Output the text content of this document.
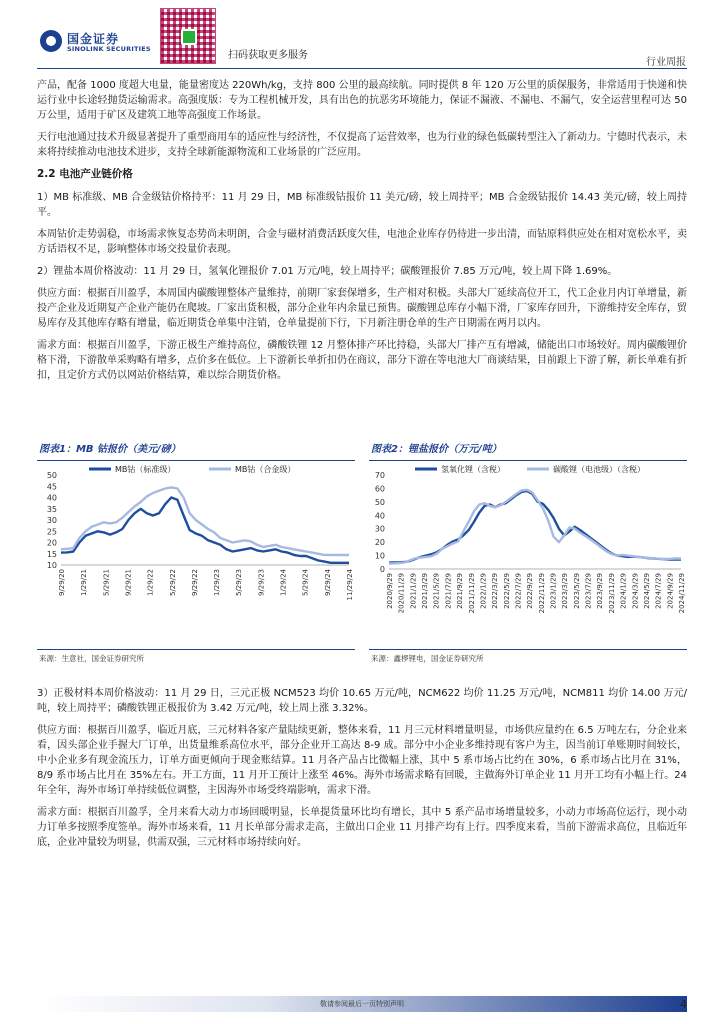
国金证券
SINOLINK SECURITIES
扫码获取更多服务
行业周报

产品，配备 1000 度超大电量，能量密度达 220Wh/kg，支持 800 公里的最高续航。同时提供 8 年 120 万公里的质保服务，非常适用于快递和快运行业中长途轻抛货运输需求。高强度版：专为工程机械开发，具有出色的抗恶劣环境能力，保证不漏液、不漏电、不漏气，安全运营里程可达 50 万公里，适用于矿区及建筑工地等高强度工作场景。

天行电池通过技术升级显著提升了重型商用车的适应性与经济性，不仅提高了运营效率，也为行业的绿色低碳转型注入了新动力。宁德时代表示，未来将持续推动电池技术进步，支持全球新能源物流和工业场景的广泛应用。

2.2 电池产业链价格

1）MB 标准级、MB 合金级钴价格持平：11 月 29 日，MB 标准级钴报价 11 美元/磅，较上周持平；MB 合金级钴报价 14.43 美元/磅，较上周持平。

本周钴价走势弱稳，市场需求恢复态势尚未明朗，合金与磁材消费活跃度欠佳，电池企业库存仍待进一步出清，而钴原料供应处在相对宽松水平，卖方话语权不足，影响整体市场交投量价表现。

2）锂盐本周价格波动：11 月 29 日，氢氧化锂报价 7.01 万元/吨，较上周持平；碳酸锂报价 7.85 万元/吨，较上周下降 1.69%。

供应方面：根据百川盈孚，本周国内碳酸锂整体产量维持，前期厂家套保增多，生产相对积极。头部大厂延续高位开工，代工企业月内订单增量，新投产企业及近期复产企业产能仍在爬坡。厂家出货积极，部分企业年内余量已预售。碳酸锂总库存小幅下滑，厂家库存回升，下游维持安全库存，贸易库存及其他库存略有增量，临近期货仓单集中注销，仓单量提前下行，下月新注册仓单的生产日期需在两月以内。

需求方面：根据百川盈孚，下游正极生产维持高位，磷酸铁锂 12 月整体排产环比持稳，头部大厂排产互有增减，储能出口市场较好。周内碳酸锂价格下滑，下游散单采购略有增多，点价多在低位。上下游新长单折扣仍在商议，部分下游在等电池大厂商谈结果，目前跟上下游了解，新长单难有折扣，且定价方式仍以网站价格结算，难以综合期货价格。

图表1：MB 钴报价（美元/磅）
50
45
40
35
30
25
20
15
10
9/29/20 1/29/21 5/29/21 9/29/21 1/29/22 5/29/22 9/29/22 1/29/23 5/29/23 9/29/23 1/29/24 5/29/24 9/29/24 11/29/24
MB钴（标准级）	MB钴（合金级）
来源：生意社，国金证券研究所
图表2：锂盐报价（万元/吨）
70
60
50
40
30
20
10
0
2020/9/29 2020/11/29 2021/1/29 2021/3/29 2021/5/29 2021/7/29 2021/9/29 2021/11/29 2022/1/29 2022/3/29 2022/5/29 2022/7/29 2022/9/29 2022/11/29 2023/1/29 2023/3/29 2023/5/29 2023/7/29 2023/9/29 2023/11/29 2024/1/29 2024/3/29 2024/5/29 2024/7/29 2024/9/29 2024/11/29
氢氧化锂（含税）	碳酸锂（电池级）（含税）
来源：鑫椤锂电，国金证券研究所

3）正极材料本周价格波动：11 月 29 日，三元正极 NCM523 均价 10.65 万元/吨，NCM622 均价 11.25 万元/吨，NCM811 均价 14.00 万元/吨，较上周持平；磷酸铁锂正极报价为 3.42 万元/吨，较上周上涨 3.32%。

供应方面：根据百川盈孚，临近月底，三元材料各家产量陆续更新，整体来看，11 月三元材料增量明显，市场供应量约在 6.5 万吨左右，分企业来看，因头部企业手握大厂订单，出货量维系高位水平，部分企业开工高达 8-9 成。部分中小企业多维持现有客户为主，因当前订单账期时间较长，中小企业多有现金流压力，订单方面更倾向于现金账结算。11 月各产品占比微幅上涨，其中 5 系市场占比约在 30%，6 系市场占比月在 31%，8/9 系市场占比月在 35%左右。开工方面，11 月开工预计上涨至 46%。海外市场需求略有回暖，主做海外订单企业 11 月开工均有小幅上行。24 年全年，海外市场订单持续低位调整，主因海外市场受终端影响，需求下滑。

需求方面：根据百川盈孚，全月来看大动力市场回暖明显，长单提货量环比均有增长，其中 5 系产品市场增量较多，小动力市场高位运行，现小动力订单多按照季度签单。海外市场来看，11 月长单部分需求走高，主做出口企业 11 月排产均有上行。四季度来看，当前下游需求高位，且临近年底，企业冲量较为明显，供需双强，三元材料市场持续向好。

敬请参阅最后一页特别声明	4
